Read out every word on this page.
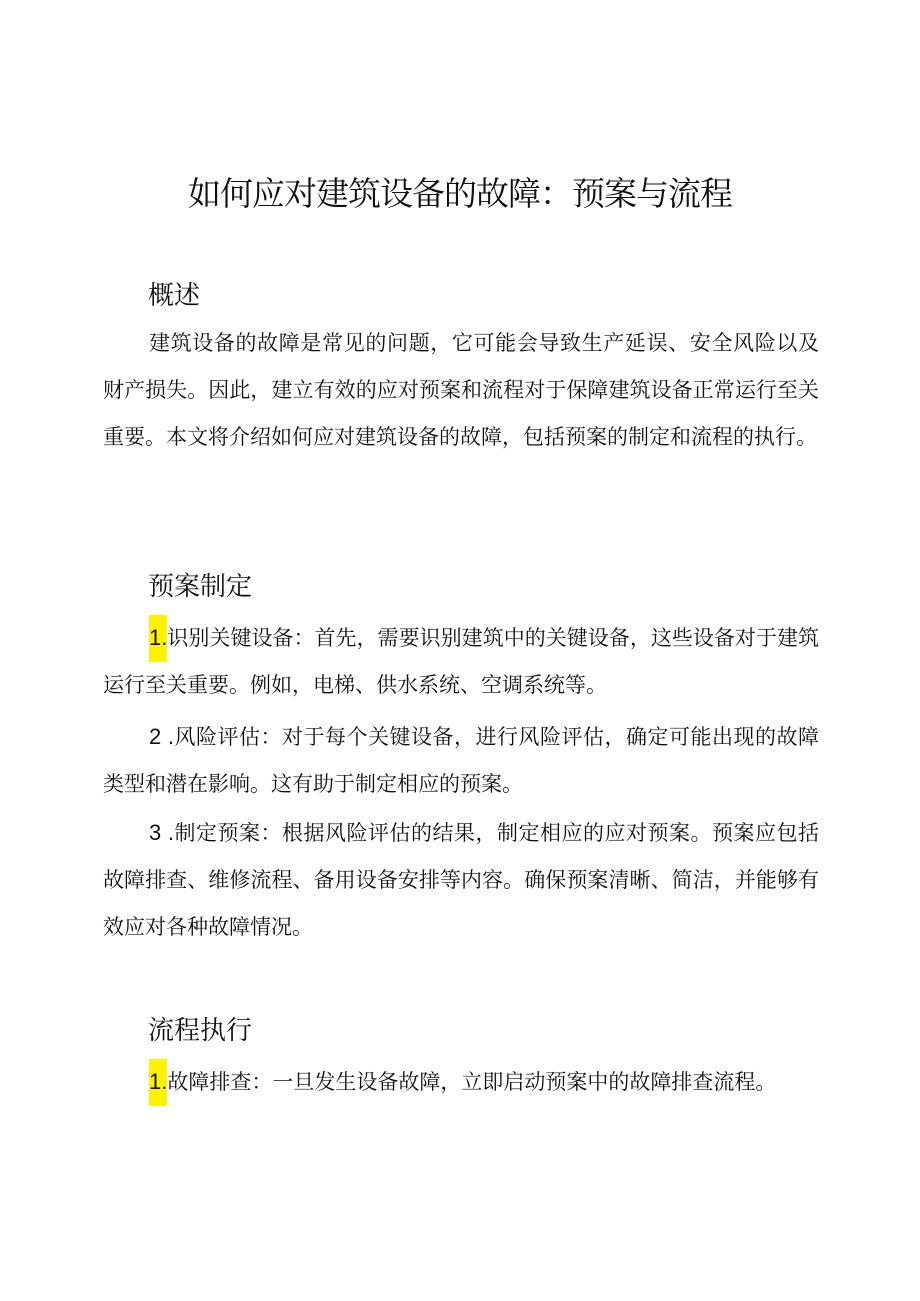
如何应对建筑设备的故障：预案与流程
概述

建筑设备的故障是常见的问题，它可能会导致生产延误、安全风险以及财产损失。因此，建立有效的应对预案和流程对于保障建筑设备正常运行至关重要。本文将介绍如何应对建筑设备的故障，包括预案的制定和流程的执行。

预案制定

1.识别关键设备：首先，需要识别建筑中的关键设备，这些设备对于建筑运行至关重要。例如，电梯、供水系统、空调系统等。

2 .风险评估：对于每个关键设备，进行风险评估，确定可能出现的故障类型和潜在影响。这有助于制定相应的预案。

3 .制定预案：根据风险评估的结果，制定相应的应对预案。预案应包括故障排查、维修流程、备用设备安排等内容。确保预案清晰、简洁，并能够有效应对各种故障情况。

流程执行

1.故障排查：一旦发生设备故障，立即启动预案中的故障排查流程。
